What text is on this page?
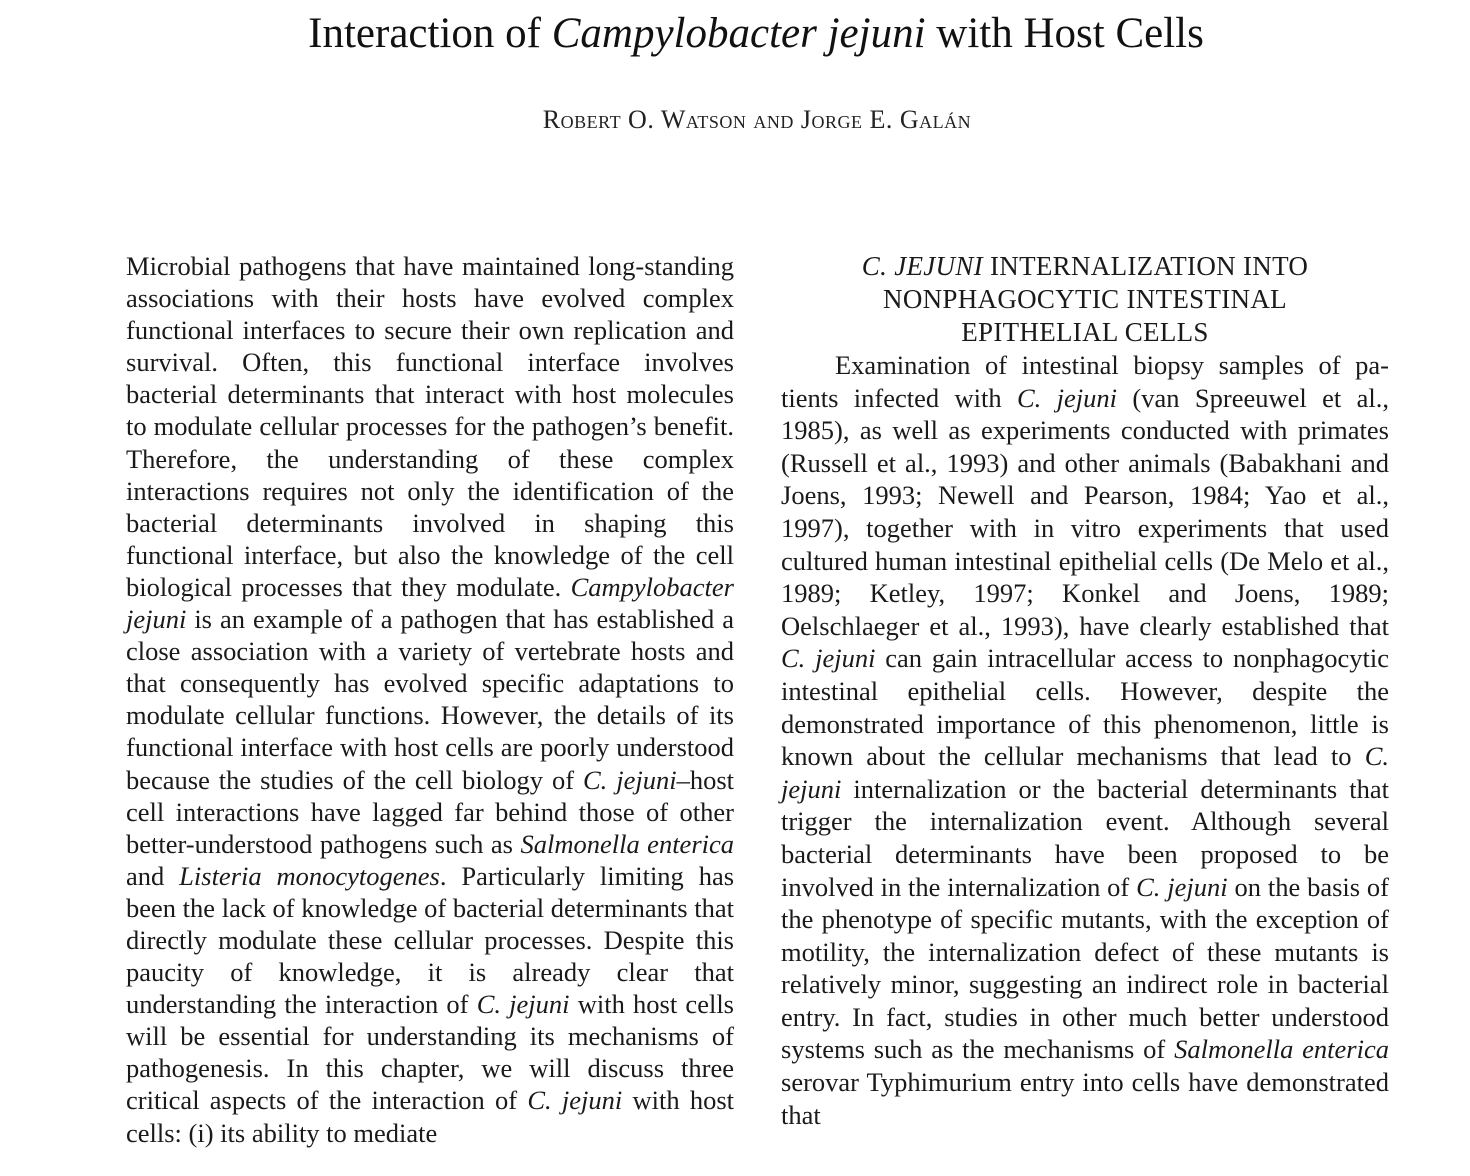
Interaction of Campylobacter jejuni with Host Cells
Robert O. Watson and Jorge E. Galán

Microbial pathogens that have maintained long-standing associations with their hosts have evolved complex functional interfaces to secure their own replication and survival. Often, this functional interface involves bacterial determinants that interact with host molecules to modulate cellular processes for the pathogen’s benefit. Therefore, the understanding of these complex interactions requires not only the identification of the bacterial determinants involved in shaping this functional interface, but also the knowledge of the cell biological processes that they modulate. Campylobacter jejuni is an example of a pathogen that has established a close association with a variety of vertebrate hosts and that consequently has evolved specific adaptations to modulate cellular functions. However, the details of its functional interface with host cells are poorly understood because the studies of the cell biology of C. jejuni–host cell interactions have lagged far behind those of other better-understood pathogens such as Salmonella enterica and Listeria monocytogenes. Particularly limiting has been the lack of knowledge of bacterial determinants that directly modulate these cellular processes. Despite this paucity of knowledge, it is already clear that understanding the interaction of C. jejuni with host cells will be essential for understanding its mechanisms of pathogenesis. In this chapter, we will discuss three critical aspects of the interaction of C. jejuni with host cells: (i) its ability to mediate

C. JEJUNI INTERNALIZATION INTO
NONPHAGOCYTIC INTESTINAL
EPITHELIAL CELLS

Examination of intestinal biopsy samples of patients infected with C. jejuni (van Spreeuwel et al., 1985), as well as experiments conducted with primates (Russell et al., 1993) and other animals (Babakhani and Joens, 1993; Newell and Pearson, 1984; Yao et al., 1997), together with in vitro experiments that used cultured human intestinal epithelial cells (De Melo et al., 1989; Ketley, 1997; Konkel and Joens, 1989; Oelschlaeger et al., 1993), have clearly established that C. jejuni can gain intracellular access to nonphagocytic intestinal epithelial cells. However, despite the demonstrated importance of this phenomenon, little is known about the cellular mechanisms that lead to C. jejuni internalization or the bacterial determinants that trigger the internalization event. Although several bacterial determinants have been proposed to be involved in the internalization of C. jejuni on the basis of the phenotype of specific mutants, with the exception of motility, the internalization defect of these mutants is relatively minor, suggesting an indirect role in bacterial entry. In fact, studies in other much better understood systems such as the mechanisms of Salmonella enterica serovar Typhimurium entry into cells have demonstrated that
